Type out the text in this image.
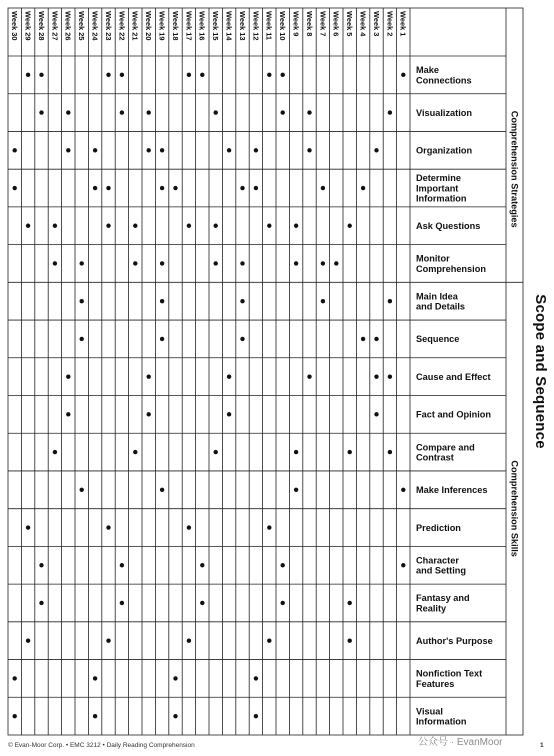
Week 1
Week 2
Week 3
Week 4
Week 5
Week 6
Week 7
Week 8
Week 9
Week 10
Week 11
Week 12
Week 13
Week 14
Week 15
Week 16
Week 17
Week 18
Week 19
Week 20
Week 21
Week 22
Week 23
Week 24
Week 25
Week 26
Week 27
Week 28
Week 29
Week 30
Make Connections
Visualization
Organization
Determine Important Information
Ask Questions
Monitor Comprehension
Main Idea and Details
Sequence
Cause and Effect
Fact and Opinion
Compare and Contrast
Make Inferences
Prediction
Character and Setting
Fantasy and Reality
Author's Purpose
Nonfiction Text Features
Visual Information
Comprehension Strategies
Comprehension Skills
Scope and Sequence
© Evan-Moor Corp. • EMC 3212 • Daily Reading Comprehension	公众号 · EvanMoor	1
